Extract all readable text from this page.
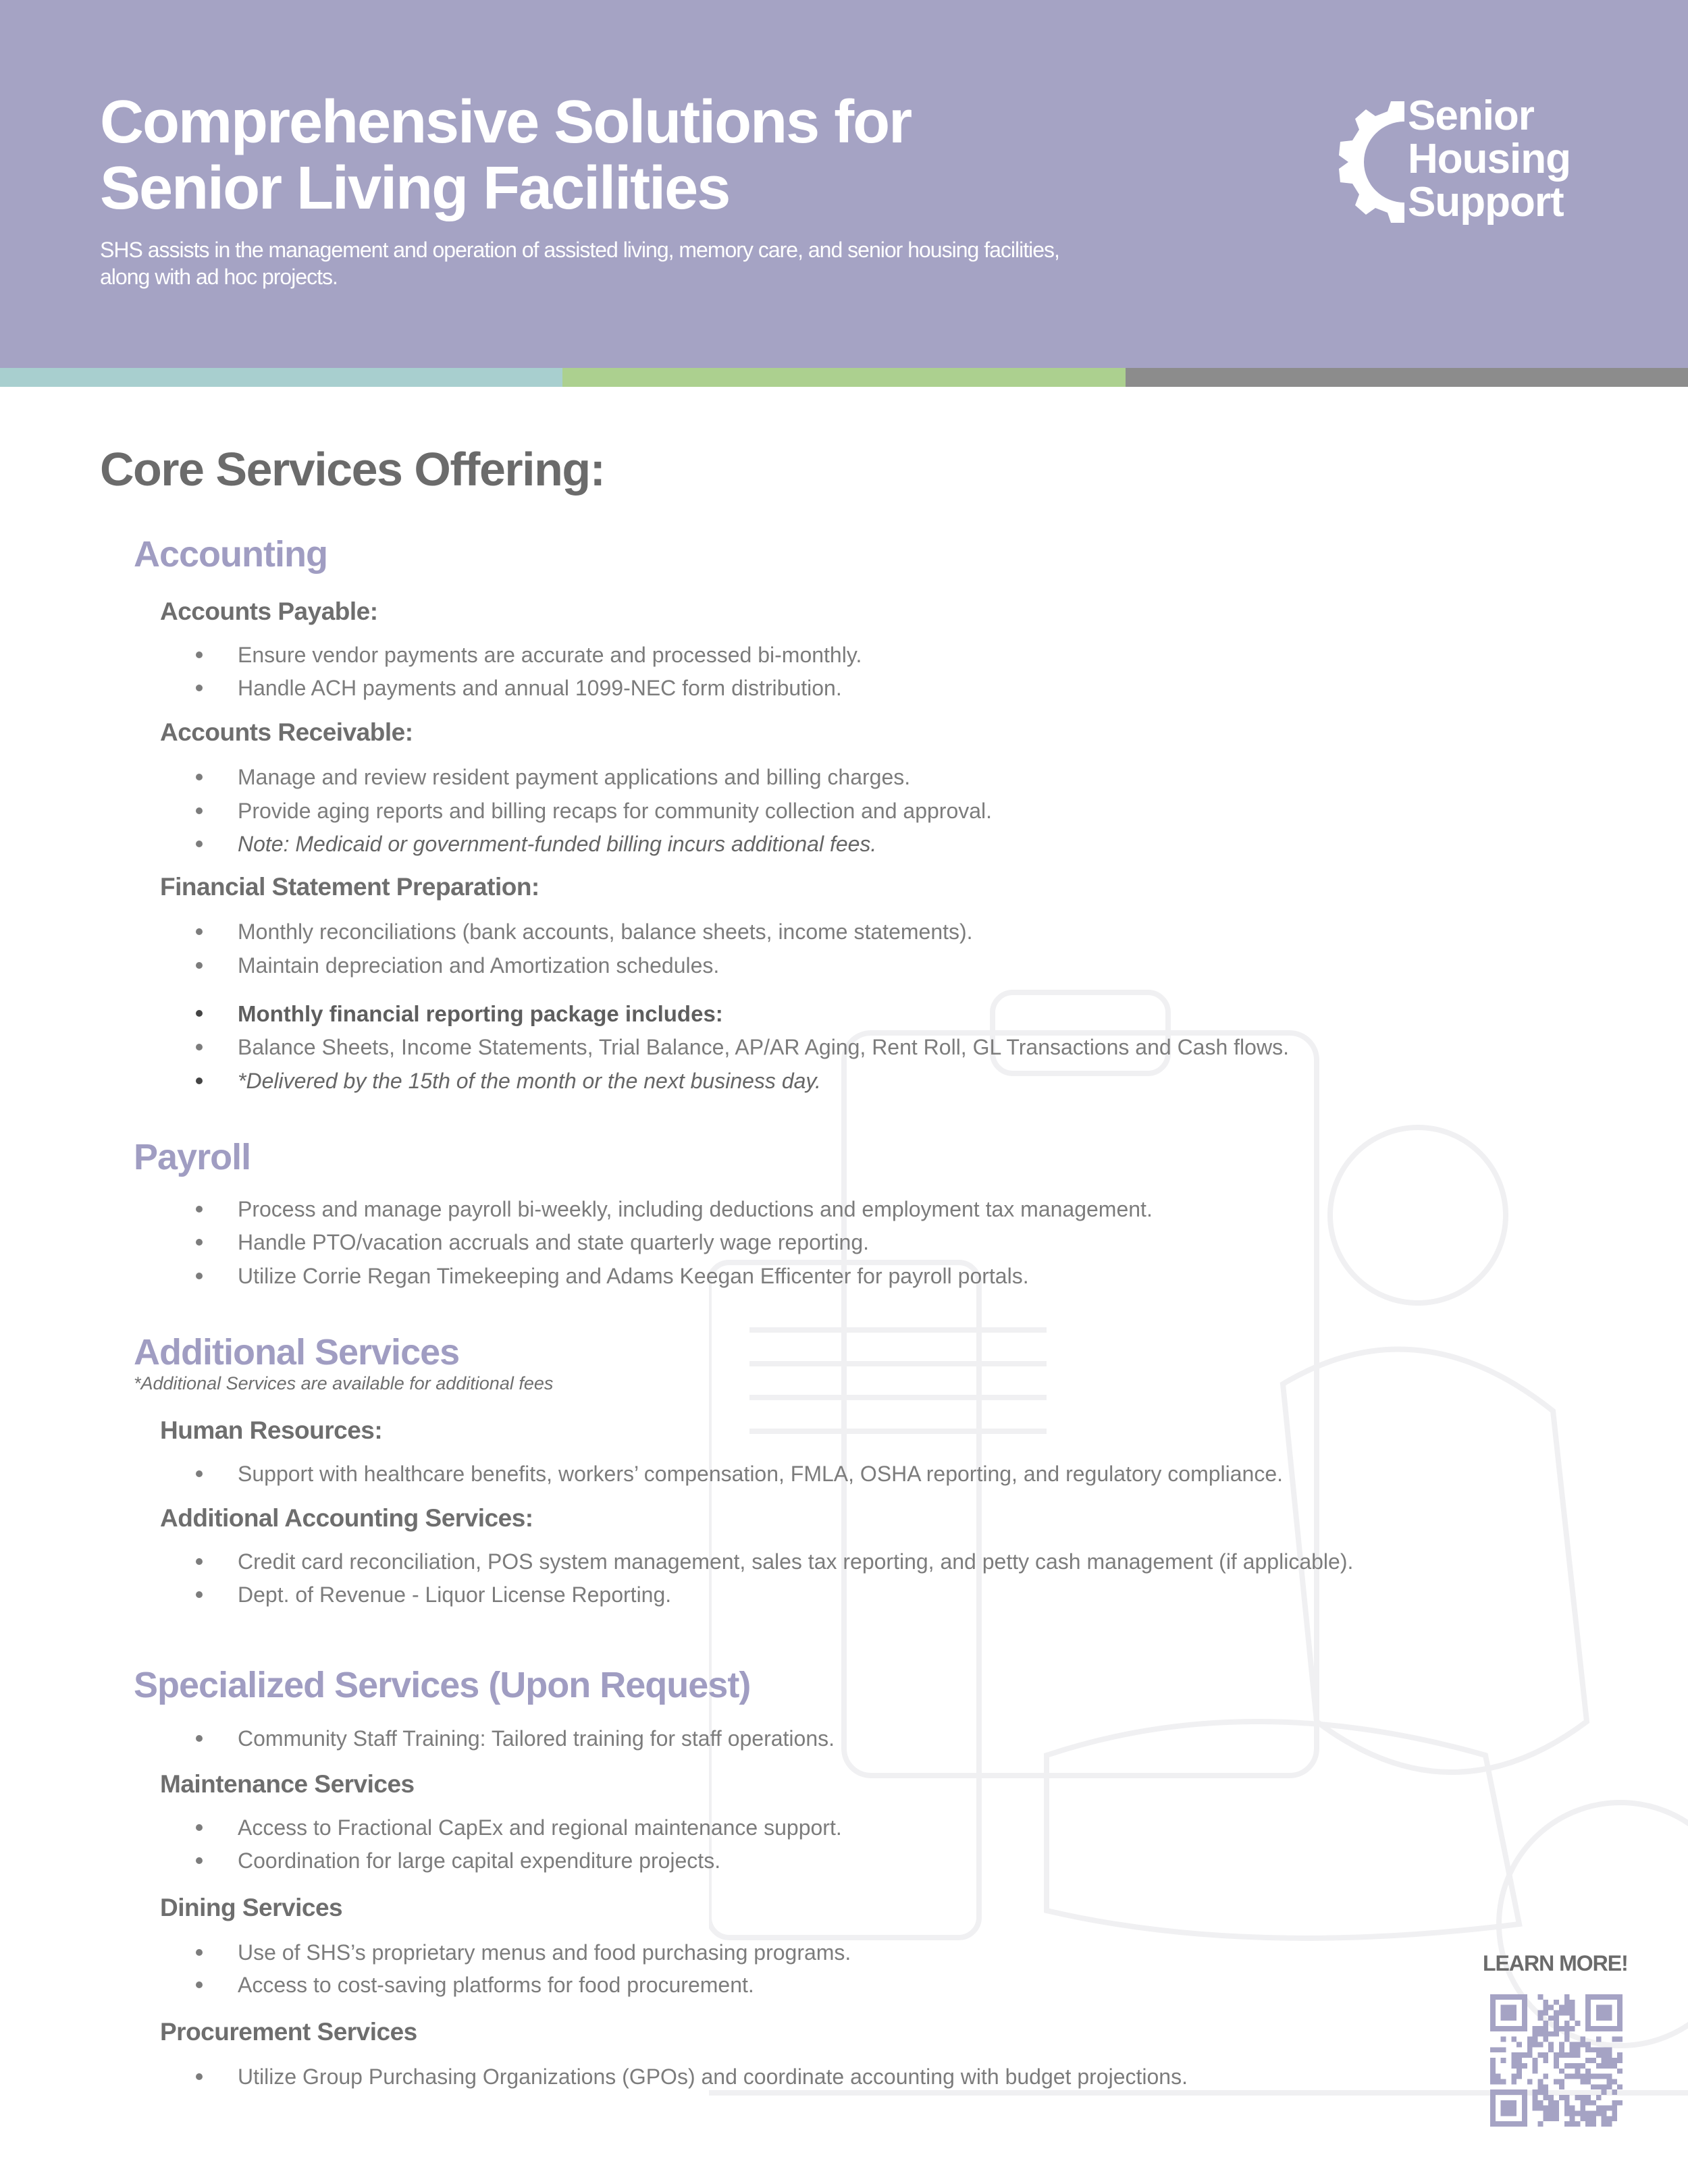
Comprehensive Solutions for
Senior Living Facilities
SHS assists in the management and operation of assisted living, memory care, and senior housing facilities, along with ad hoc projects.
Senior
Housing
Support
Core Services Offering:
Accounting
Accounts Payable:
Ensure vendor payments are accurate and processed bi-monthly.
Handle ACH payments and annual 1099-NEC form distribution.
Accounts Receivable:
Manage and review resident payment applications and billing charges.
Provide aging reports and billing recaps for community collection and approval.
Note: Medicaid or government-funded billing incurs additional fees.
Financial Statement Preparation:
Monthly reconciliations (bank accounts, balance sheets, income statements).
Maintain depreciation and Amortization schedules.
Monthly financial reporting package includes:
Balance Sheets, Income Statements, Trial Balance, AP/AR Aging, Rent Roll, GL Transactions and Cash flows.
*Delivered by the 15th of the month or the next business day.
Payroll
Process and manage payroll bi-weekly, including deductions and employment tax management.
Handle PTO/vacation accruals and state quarterly wage reporting.
Utilize Corrie Regan Timekeeping and Adams Keegan Efficenter for payroll portals.
Additional Services
*Additional Services are available for additional fees
Human Resources:
Support with healthcare benefits, workers’ compensation, FMLA, OSHA reporting, and regulatory compliance.
Additional Accounting Services:
Credit card reconciliation, POS system management, sales tax reporting, and petty cash management (if applicable).
Dept. of Revenue - Liquor License Reporting.
Specialized Services (Upon Request)
Community Staff Training: Tailored training for staff operations.
Maintenance Services
Access to Fractional CapEx and regional maintenance support.
Coordination for large capital expenditure projects.
Dining Services
Use of SHS’s proprietary menus and food purchasing programs.
Access to cost-saving platforms for food procurement.
Procurement Services
Utilize Group Purchasing Organizations (GPOs) and coordinate accounting with budget projections.
LEARN MORE!
